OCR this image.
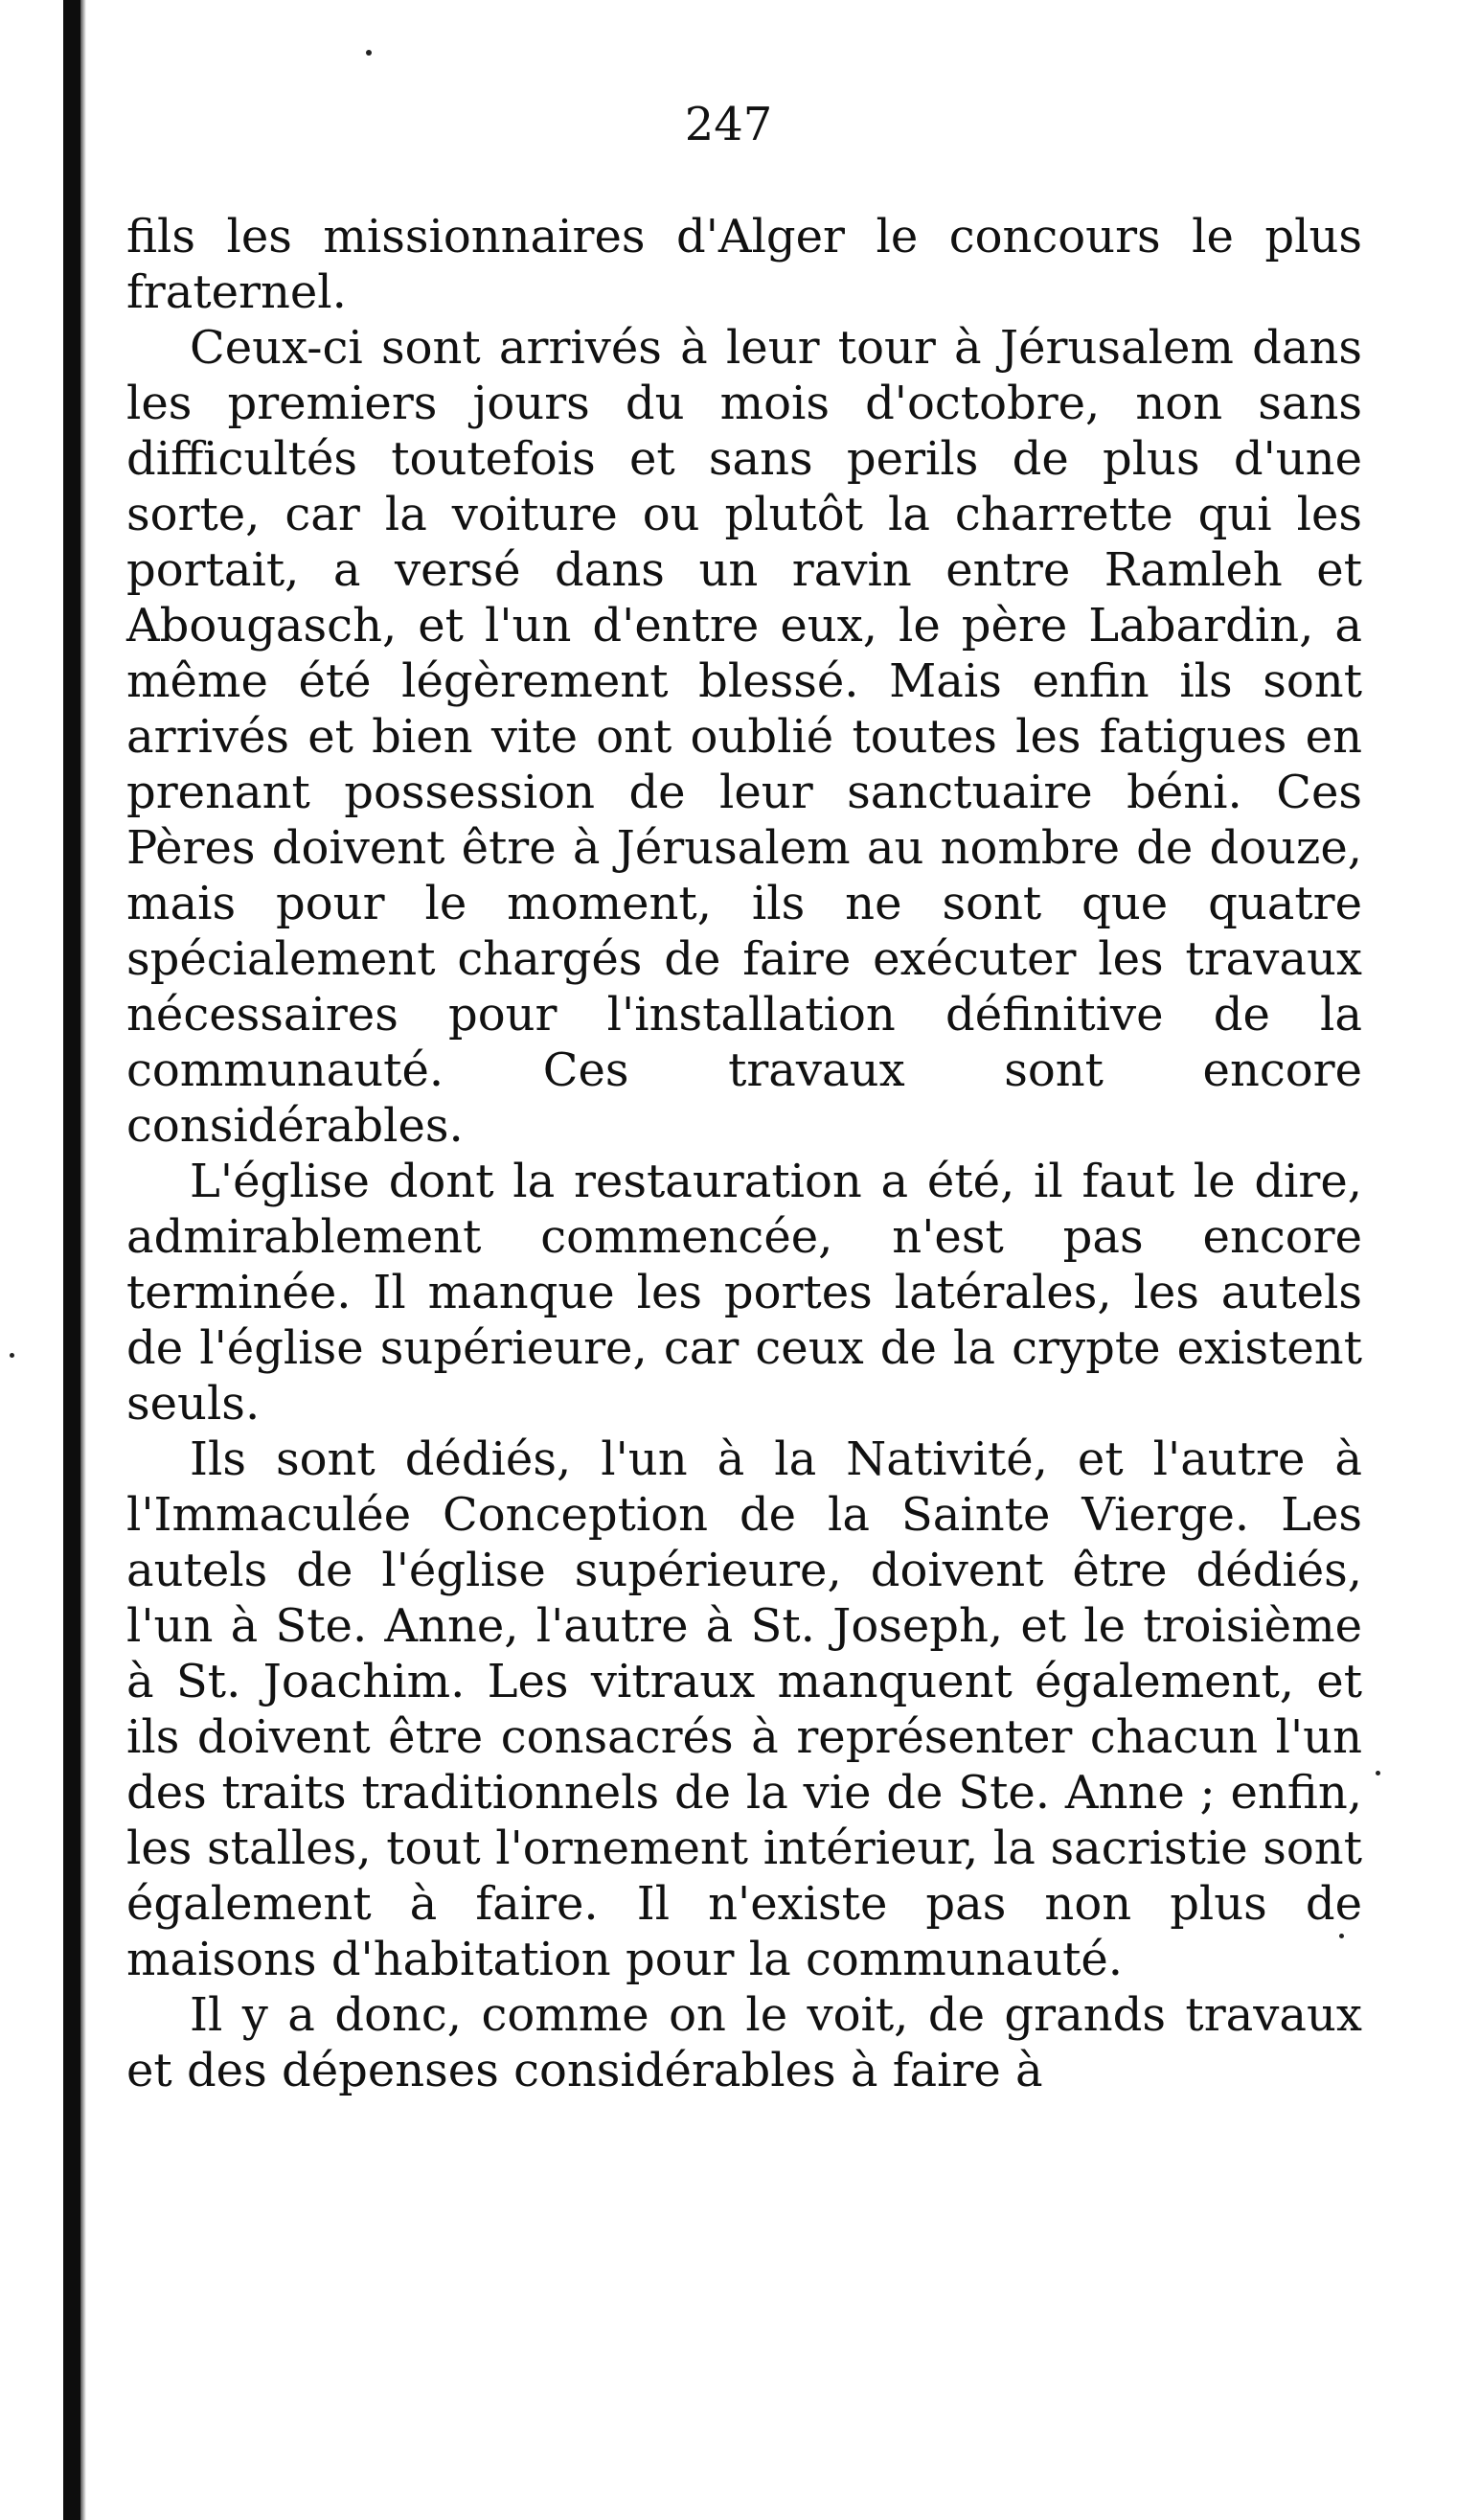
247

fils les missionnaires d'Alger le concours le plus fraternel.

Ceux-ci sont arrivés à leur tour à Jérusalem dans les premiers jours du mois d'octobre, non sans difficultés toutefois et sans perils de plus d'une sorte, car la voiture ou plutôt la charrette qui les portait, a versé dans un ravin entre Ramleh et Abougasch, et l'un d'entre eux, le père Labardin, a même été légèrement blessé. Mais enfin ils sont arrivés et bien vite ont oublié toutes les fatigues en prenant possession de leur sanctuaire béni. Ces Pères doivent être à Jérusalem au nombre de douze, mais pour le moment, ils ne sont que quatre spécialement chargés de faire exécuter les travaux nécessaires pour l'installation définitive de la communauté. Ces travaux sont encore considérables.

L'église dont la restauration a été, il faut le dire, admirablement commencée, n'est pas encore terminée. Il manque les portes latérales, les autels de l'église supérieure, car ceux de la crypte existent seuls.

Ils sont dédiés, l'un à la Nativité, et l'autre à l'Immaculée Conception de la Sainte Vierge. Les autels de l'église supérieure, doivent être dédiés, l'un à Ste. Anne, l'autre à St. Joseph, et le troisième à St. Joachim. Les vitraux manquent également, et ils doivent être consacrés à représenter chacun l'un des traits traditionnels de la vie de Ste. Anne ; enfin, les stalles, tout l'ornement intérieur, la sacristie sont également à faire. Il n'existe pas non plus de maisons d'habitation pour la communauté.

Il y a donc, comme on le voit, de grands travaux et des dépenses considérables à faire à
